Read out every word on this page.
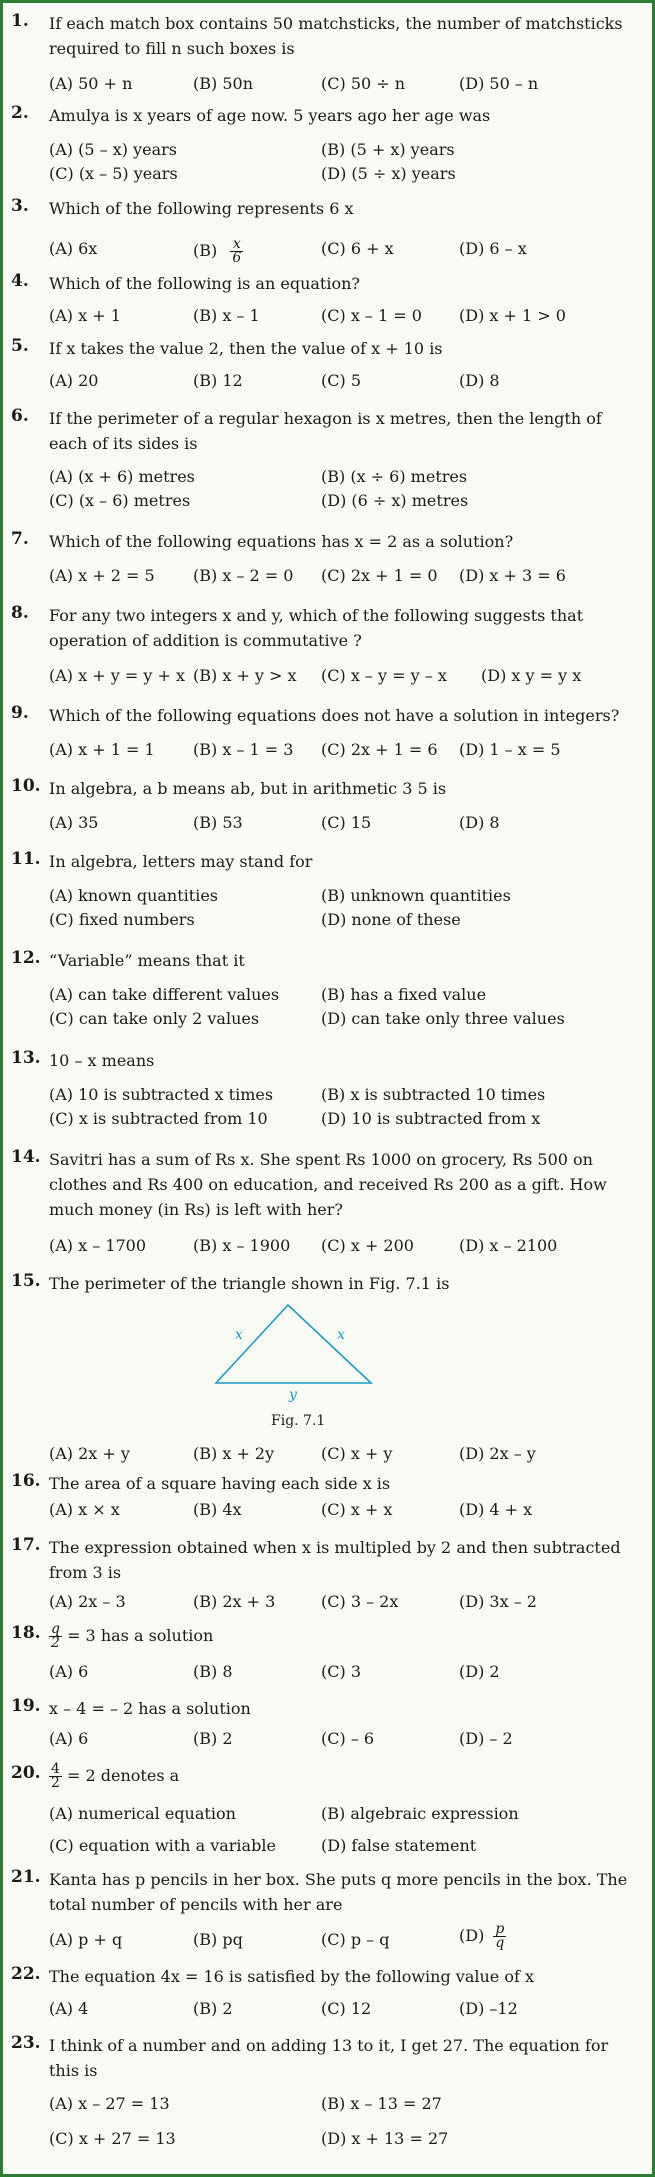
1. If each match box contains 50 matchsticks, the number of matchsticks required to fill n such boxes is
(A) 50 + n	(B) 50n	(C) 50 ÷ n	(D) 50 – n
2. Amulya is x years of age now. 5 years ago her age was
(A) (5 – x) years	(B) (5 + x) years
(C) (x – 5) years	(D) (5 ÷ x) years
3. Which of the following represents 6 x
(A) 6x	$(B) \frac{x}{6}$	(C) 6 + x	(D) 6 – x
4. Which of the following is an equation?
(A) x + 1	(B) x – 1	(C) x – 1 = 0 (D) x + 1 > 0
5. If x takes the value 2, then the value of x + 10 is
(A) 20	(B) 12	(C) 5	(D) 8
6. If the perimeter of a regular hexagon is x metres, then the length of each of its sides is
(A) (x + 6) metres	(B) (x ÷ 6) metres
(C) (x – 6) metres	(D) (6 ÷ x) metres
7. Which of the following equations has x = 2 as a solution?
(A) x + 2 = 5 (B) x – 2 = 0 (C) 2x + 1 = 0 (D) x + 3 = 6
8. For any two integers x and y, which of the following suggests that operation of addition is commutative ?
(A) x + y = y + x (B) x + y > x (C) x – y = y – x (D) x y = y x
9. Which of the following equations does not have a solution in integers?
(A) x + 1 = 1 (B) x – 1 = 3 (C) 2x + 1 = 6 (D) 1 – x = 5
10. In algebra, a b means ab, but in arithmetic 3 5 is
(A) 35	(B) 53	(C) 15	(D) 8
11. In algebra, letters may stand for
(A) known quantities	(B) unknown quantities
(C) fixed numbers	(D) none of these
12. “Variable” means that it
(A) can take different values	(B) has a fixed value
(C) can take only 2 values	(D) can take only three values
13. 10 – x means
(A) 10 is subtracted x times	(B) x is subtracted 10 times
(C) x is subtracted from 10	(D) 10 is subtracted from x
14. Savitri has a sum of Rs x. She spent Rs 1000 on grocery, Rs 500 on clothes and Rs 400 on education, and received Rs 200 as a gift. How much money (in Rs) is left with her?
(A) x – 1700	(B) x – 1900 (C) x + 200	(D) x – 2100
15. The perimeter of the triangle shown in Fig. 7.1 is
x	x
y
Fig. 7.1
(A) 2x + y	(B) x + 2y	(C) x + y	(D) 2x – y
16. The area of a square having each side x is
(A) x × x	(B) 4x	(C) x + x	(D) 4 + x
17. The expression obtained when x is multipled by 2 and then subtracted from 3 is
(A) 2x – 3	(B) 2x + 3	(C) 3 – 2x	(D) 3x – 2
18. $\frac{q}{2} = 3$ has a solution
(A) 6	(B) 8	(C) 3	(D) 2
19. x – 4 = – 2 has a solution
(A) 6	(B) 2	(C) – 6	(D) – 2
20. $\frac{4}{2} = 2$ denotes a
(A) numerical equation	(B) algebraic expression
(C) equation with a variable	(D) false statement
21. Kanta has p pencils in her box. She puts q more pencils in the box. The total number of pencils with her are
(A) p + q	(B) pq	(C) p – q	$(D) \frac{p}{q}$
22. The equation 4x = 16 is satisfied by the following value of x
(A) 4	(B) 2	(C) 12	(D) –12
23. I think of a number and on adding 13 to it, I get 27. The equation for this is
(A) x – 27 = 13	(B) x – 13 = 27
(C) x + 27 = 13	(D) x + 13 = 27
